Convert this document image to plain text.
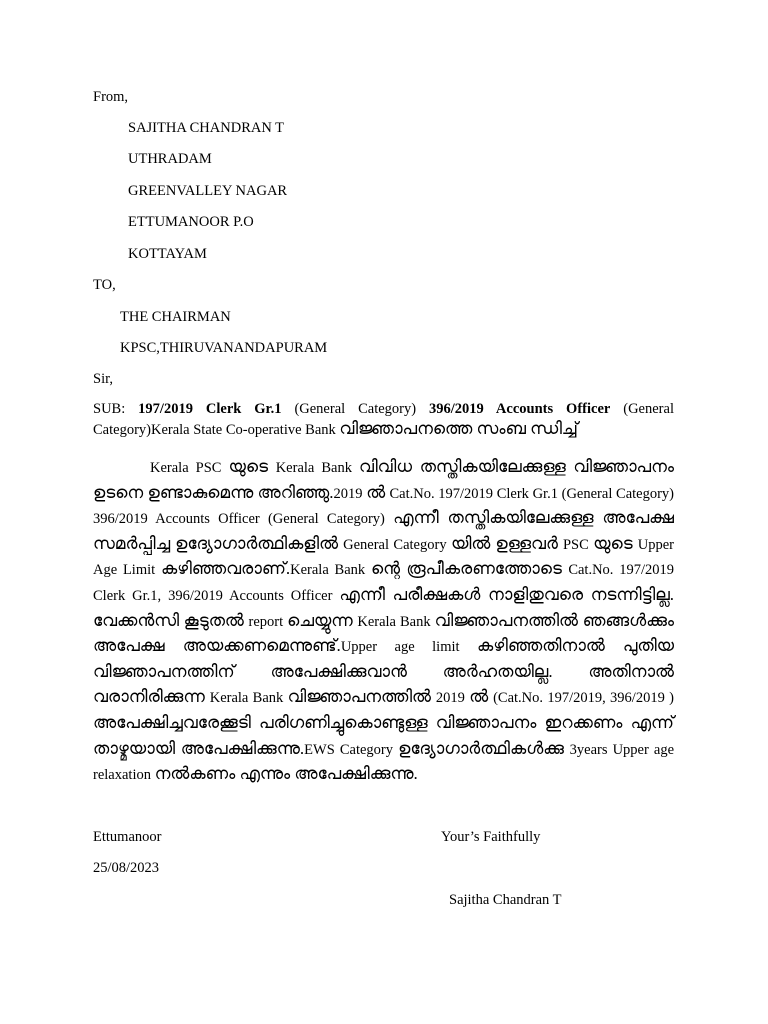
From,
SAJITHA CHANDRAN T
UTHRADAM
GREENVALLEY NAGAR
ETTUMANOOR P.O
KOTTAYAM
TO,
THE CHAIRMAN
KPSC,THIRUVANANDAPURAM
Sir,
SUB: 197/2019 Clerk Gr.1 (General Category) 396/2019 Accounts Officer (General Category)Kerala State Co-operative Bank വിജ്ഞാപനത്തെ സംബ ന്ധിച്ച്
Kerala PSC യുടെ Kerala Bank വിവിധ തസ്തികയിലേക്കുള്ള വിജ്ഞാപനം ഉടനെ ഉണ്ടാകുമെന്നു അറിഞ്ഞു.2019 ൽ Cat.No. 197/2019 Clerk Gr.1 (General Category) 396/2019 Accounts Officer (General Category) എന്നീ തസ്തികയിലേക്കുള്ള അപേക്ഷ സമർപ്പിച്ച ഉദ്യോഗാർത്ഥികളിൽ General Category യിൽ ഉള്ളവർ PSC യുടെ Upper Age Limit കഴിഞ്ഞവരാണ്.Kerala Bank ന്റെ രൂപീകരണത്തോടെ Cat.No. 197/2019 Clerk Gr.1, 396/2019 Accounts Officer എന്നീ പരീക്ഷകൾ നാളിതുവരെ നടന്നിട്ടില്ല. വേക്കൻസി കൂടുതൽ report ചെയ്യുന്ന Kerala Bank വിജ്ഞാപനത്തിൽ ഞങ്ങൾക്കും അപേക്ഷ അയക്കണമെന്നുണ്ട്.Upper age limit കഴിഞ്ഞതിനാൽ പുതിയ വിജ്ഞാപനത്തിന് അപേക്ഷിക്കുവാൻ അർഹതയില്ല. അതിനാൽ വരാനിരിക്കുന്ന Kerala Bank വിജ്ഞാപനത്തിൽ 2019 ൽ (Cat.No. 197/2019, 396/2019 ) അപേക്ഷിച്ചവരേക്കൂടി പരിഗണിച്ചുകൊണ്ടുള്ള വിജ്ഞാപനം ഇറക്കണം എന്ന് താഴ്മയായി അപേക്ഷിക്കുന്നു.EWS Category ഉദ്യോഗാർത്ഥികൾക്കു 3years Upper age relaxation നൽകണം എന്നും അപേക്ഷിക്കുന്നു.
Ettumanoor	Your’s Faithfully
25/08/2023
Sajitha Chandran T
